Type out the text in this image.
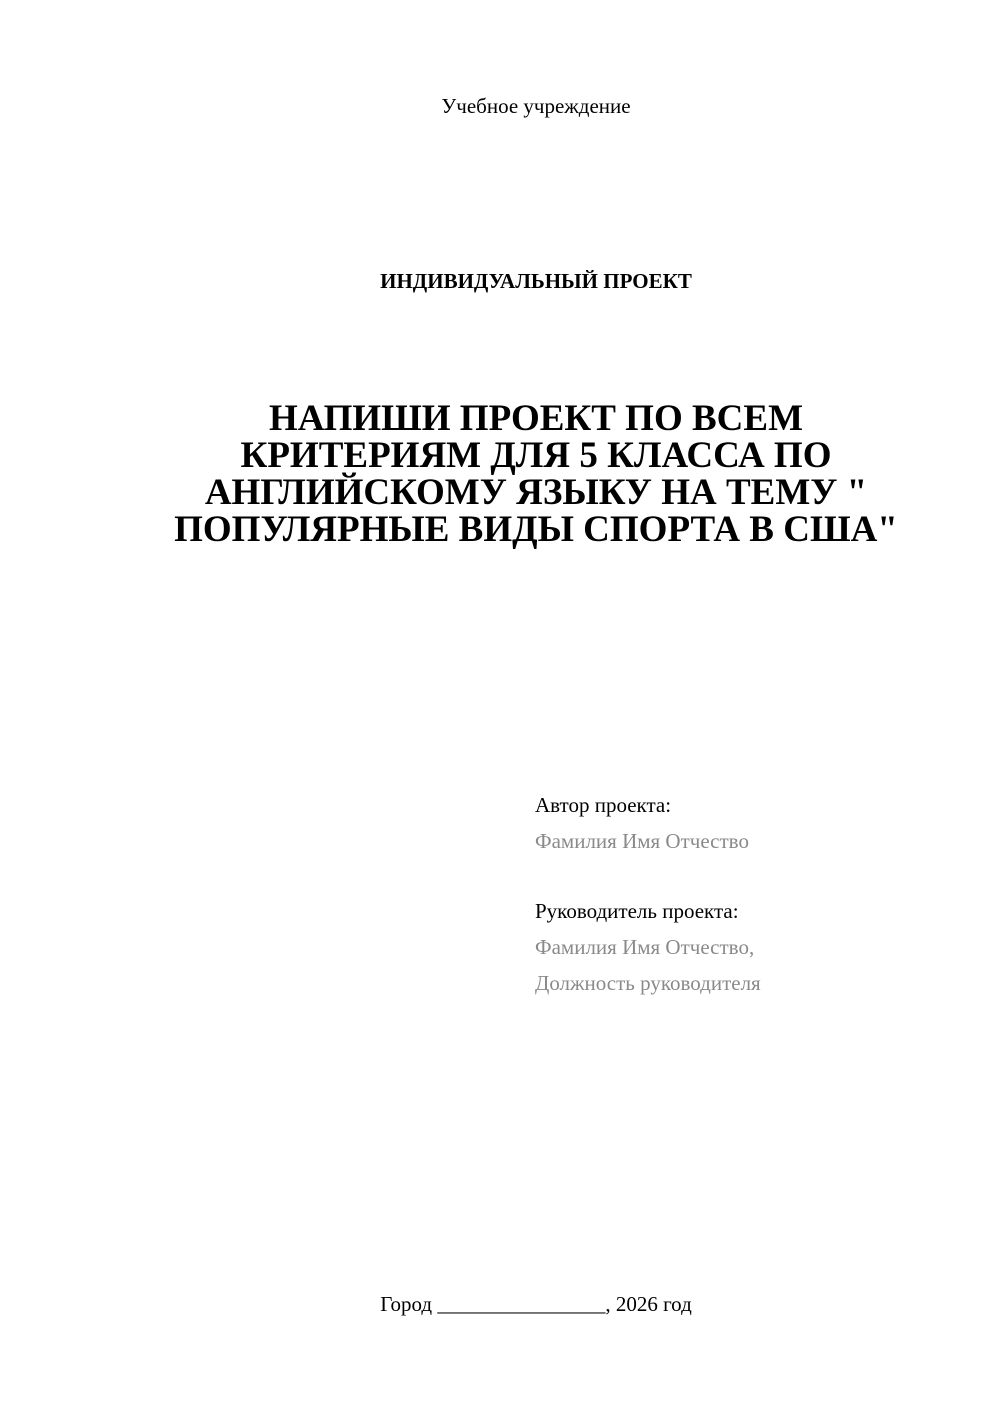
Учебное учреждение
ИНДИВИДУАЛЬНЫЙ ПРОЕКТ
НАПИШИ ПРОЕКТ ПО ВСЕМ
КРИТЕРИЯМ ДЛЯ 5 КЛАССА ПО
АНГЛИЙСКОМУ ЯЗЫКУ НА ТЕМУ "
ПОПУЛЯРНЫЕ ВИДЫ СПОРТА В США"
Автор проекта:
Фамилия Имя Отчество
Руководитель проекта:
Фамилия Имя Отчество,
Должность руководителя
Город ________________, 2026 год
